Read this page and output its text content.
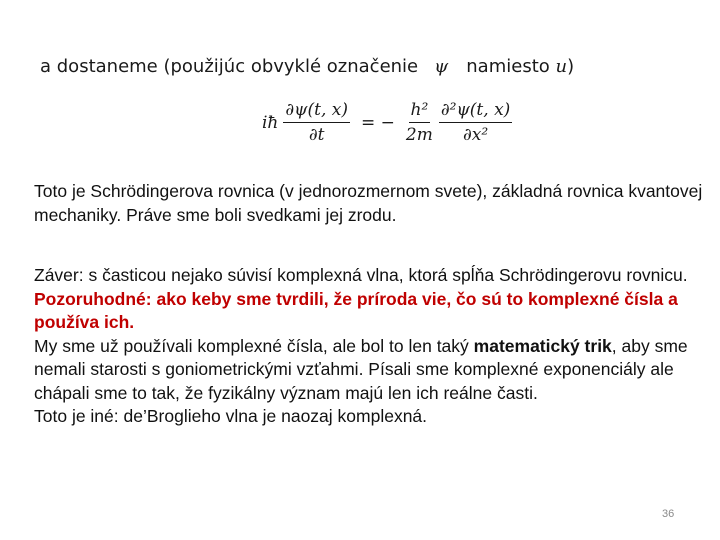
a dostaneme (použijúc obvyklé označenie ψ namiesto u)
iħ $\frac{\partial\psi(t, x)}{\partial t}$ = − $\frac{\text{h²}}{2m} \frac{\text{∂²ψ(t, x)}}{\text{∂x²}}$
Toto je Schrödingerova rovnica (v jednorozmernom svete), základná rovnica kvantovej mechaniky. Práve sme boli svedkami jej zrodu.
Záver: s časticou nejako súvisí komplexná vlna, ktorá spĺňa Schrödingerovu rovnicu.
Pozoruhodné: ako keby sme tvrdili, že príroda vie, čo sú to komplexné čísla a používa ich.
My sme už používali komplexné čísla, ale bol to len taký matematický trik, aby sme nemali starosti s goniometrickými vzťahmi. Písali sme komplexné exponenciály ale chápali sme to tak, že fyzikálny význam majú len ich reálne časti.
Toto je iné: de’Broglieho vlna je naozaj komplexná.
36
